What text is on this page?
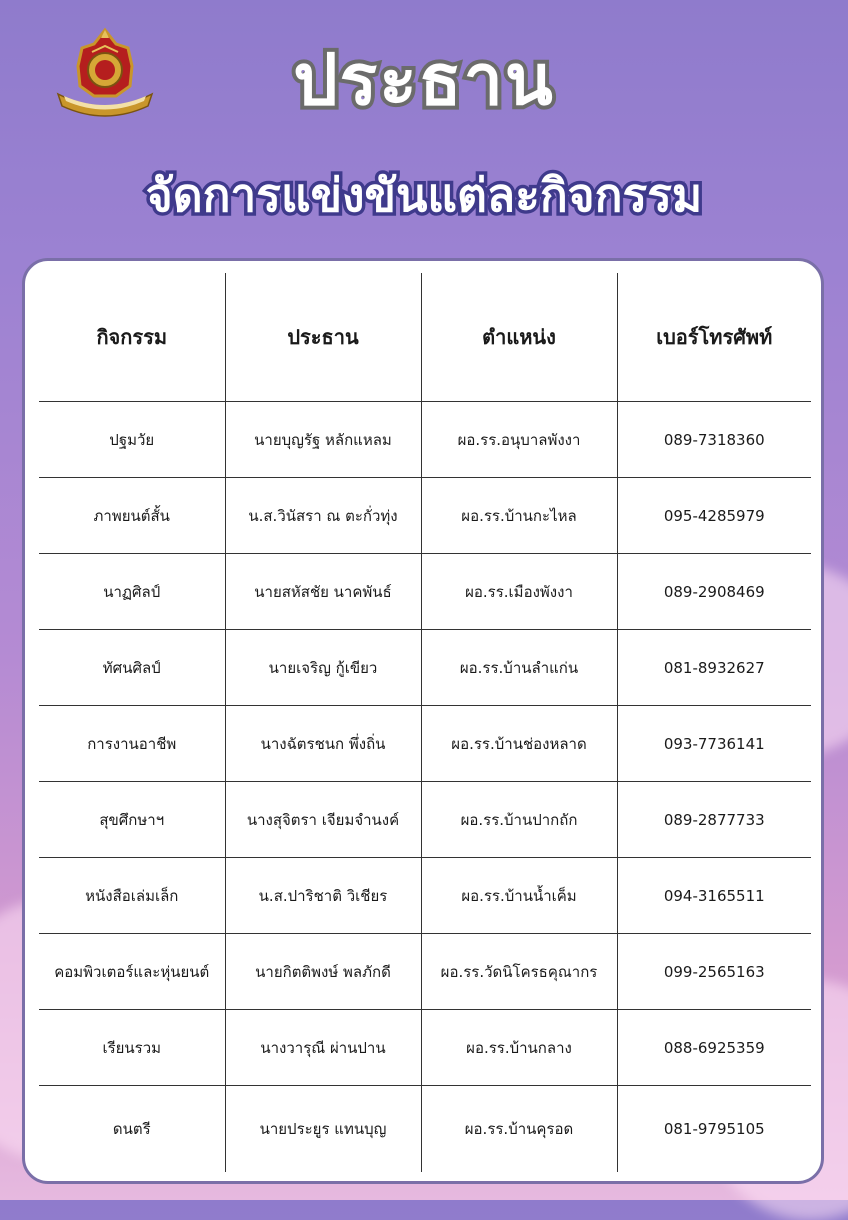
ประธาน
จัดการแข่งขันแต่ละกิจกรรม
กิจกรรม	ประธาน	ตำแหน่ง	เบอร์โทรศัพท์
ปฐมวัย	นายบุญรัฐ หลักแหลม	ผอ.รร.อนุบาลพังงา	089-7318360
ภาพยนต์สั้น	น.ส.วินัสรา ณ ตะกั่วทุ่ง	ผอ.รร.บ้านกะไหล	095-4285979
นาฏศิลป์	นายสหัสชัย นาคพันธ์	ผอ.รร.เมืองพังงา	089-2908469
ทัศนศิลป์	นายเจริญ กู้เขียว	ผอ.รร.บ้านลำแก่น	081-8932627
การงานอาชีพ	นางฉัตรชนก พึ่งถิ่น	ผอ.รร.บ้านช่องหลาด	093-7736141
สุขศึกษาฯ	นางสุจิตรา เจียมจำนงค์	ผอ.รร.บ้านปากถัก	089-2877733
หนังสือเล่มเล็ก	น.ส.ปาริชาติ วิเชียร	ผอ.รร.บ้านน้ำเค็ม	094-3165511
คอมพิวเตอร์และหุ่นยนต์	นายกิตติพงษ์ พลภักดี	ผอ.รร.วัดนิโครธคุณากร	099-2565163
เรียนรวม	นางวารุณี ผ่านปาน	ผอ.รร.บ้านกลาง	088-6925359
ดนตรี	นายประยูร แทนบุญ	ผอ.รร.บ้านคุรอด	081-9795105
